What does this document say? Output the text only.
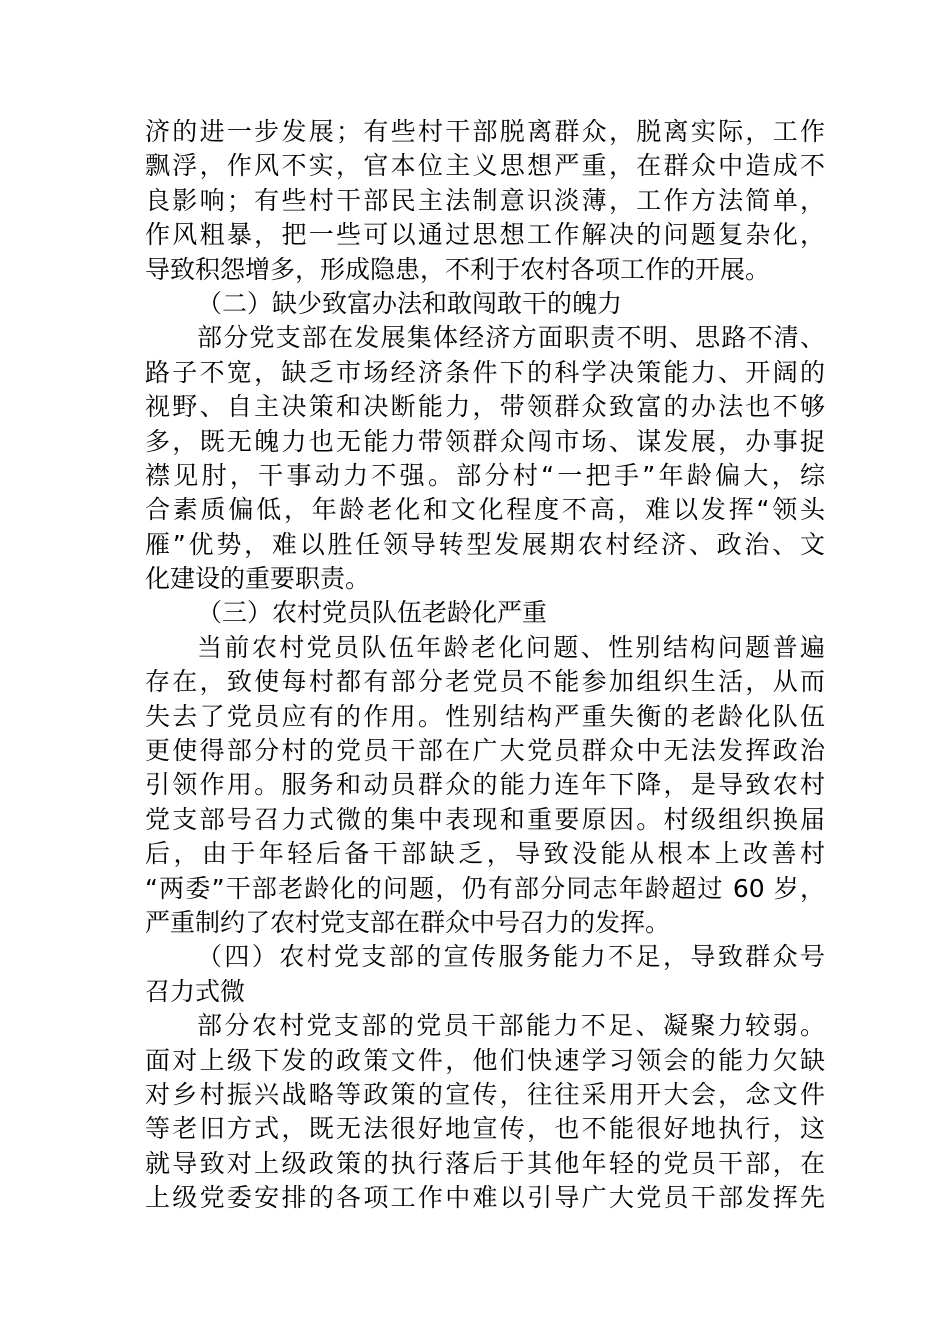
济的进一步发展；有些村干部脱离群众，脱离实际，工作
飘浮，作风不实，官本位主义思想严重，在群众中造成不
良影响；有些村干部民主法制意识淡薄，工作方法简单，
作风粗暴，把一些可以通过思想工作解决的问题复杂化，
导致积怨增多，形成隐患，不利于农村各项工作的开展。
（二）缺少致富办法和敢闯敢干的魄力
部分党支部在发展集体经济方面职责不明、思路不清、
路子不宽，缺乏市场经济条件下的科学决策能力、开阔的
视野、自主决策和决断能力，带领群众致富的办法也不够
多，既无魄力也无能力带领群众闯市场、谋发展，办事捉
襟见肘，干事动力不强。部分村“一把手”年龄偏大，综
合素质偏低，年龄老化和文化程度不高，难以发挥“领头
雁”优势，难以胜任领导转型发展期农村经济、政治、文
化建设的重要职责。
（三）农村党员队伍老龄化严重
当前农村党员队伍年龄老化问题、性别结构问题普遍
存在，致使每村都有部分老党员不能参加组织生活，从而
失去了党员应有的作用。性别结构严重失衡的老龄化队伍
更使得部分村的党员干部在广大党员群众中无法发挥政治
引领作用。服务和动员群众的能力连年下降，是导致农村
党支部号召力式微的集中表现和重要原因。村级组织换届
后，由于年轻后备干部缺乏，导致没能从根本上改善村
“两委”干部老龄化的问题，仍有部分同志年龄超过 60 岁，
严重制约了农村党支部在群众中号召力的发挥。
（四）农村党支部的宣传服务能力不足，导致群众号
召力式微
部分农村党支部的党员干部能力不足、凝聚力较弱。
面对上级下发的政策文件，他们快速学习领会的能力欠缺
对乡村振兴战略等政策的宣传，往往采用开大会，念文件
等老旧方式，既无法很好地宣传，也不能很好地执行，这
就导致对上级政策的执行落后于其他年轻的党员干部，在
上级党委安排的各项工作中难以引导广大党员干部发挥先
